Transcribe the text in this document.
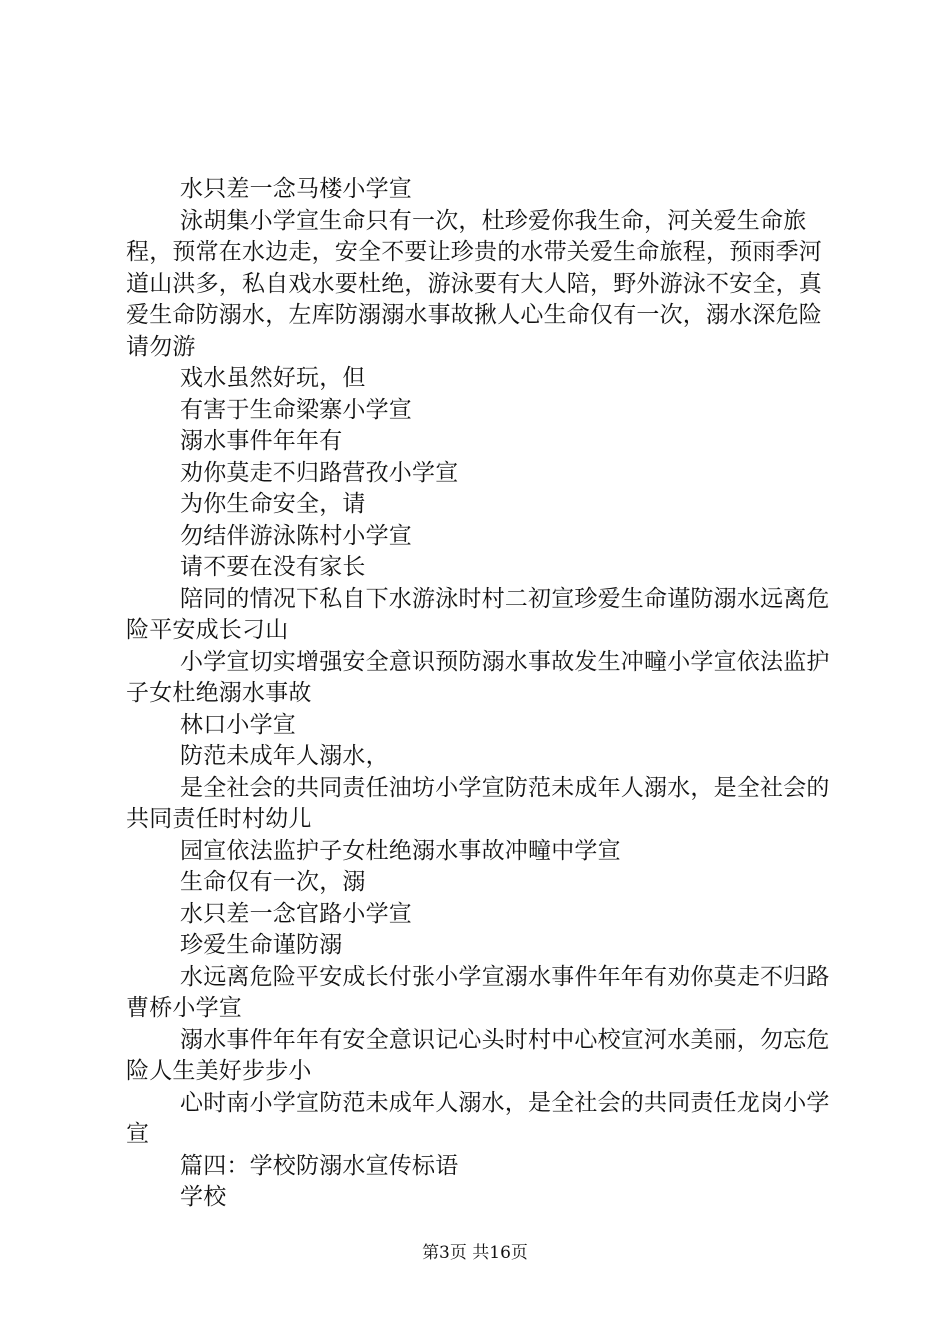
水只差一念马楼小学宣

泳胡集小学宣生命只有一次，杜珍爱你我生命，河关爱生命旅程，预常在水边走，安全不要让珍贵的水带关爱生命旅程，预雨季河道山洪多，私自戏水要杜绝，游泳要有大人陪，野外游泳不安全，真爱生命防溺水，左库防溺溺水事故揪人心生命仅有一次，溺水深危险请勿游

戏水虽然好玩，但

有害于生命梁寨小学宣

溺水事件年年有

劝你莫走不归路营孜小学宣

为你生命安全，请

勿结伴游泳陈村小学宣

请不要在没有家长

陪同的情况下私自下水游泳时村二初宣珍爱生命谨防溺水远离危险平安成长刁山

小学宣切实增强安全意识预防溺水事故发生冲疃小学宣依法监护子女杜绝溺水事故

林口小学宣

防范未成年人溺水，

是全社会的共同责任油坊小学宣防范未成年人溺水，是全社会的共同责任时村幼儿

园宣依法监护子女杜绝溺水事故冲疃中学宣

生命仅有一次，溺

水只差一念官路小学宣

珍爱生命谨防溺

水远离危险平安成长付张小学宣溺水事件年年有劝你莫走不归路曹桥小学宣

溺水事件年年有安全意识记心头时村中心校宣河水美丽，勿忘危险人生美好步步小

心时南小学宣防范未成年人溺水，是全社会的共同责任龙岗小学宣

篇四：学校防溺水宣传标语

学校

第3页 共16页
